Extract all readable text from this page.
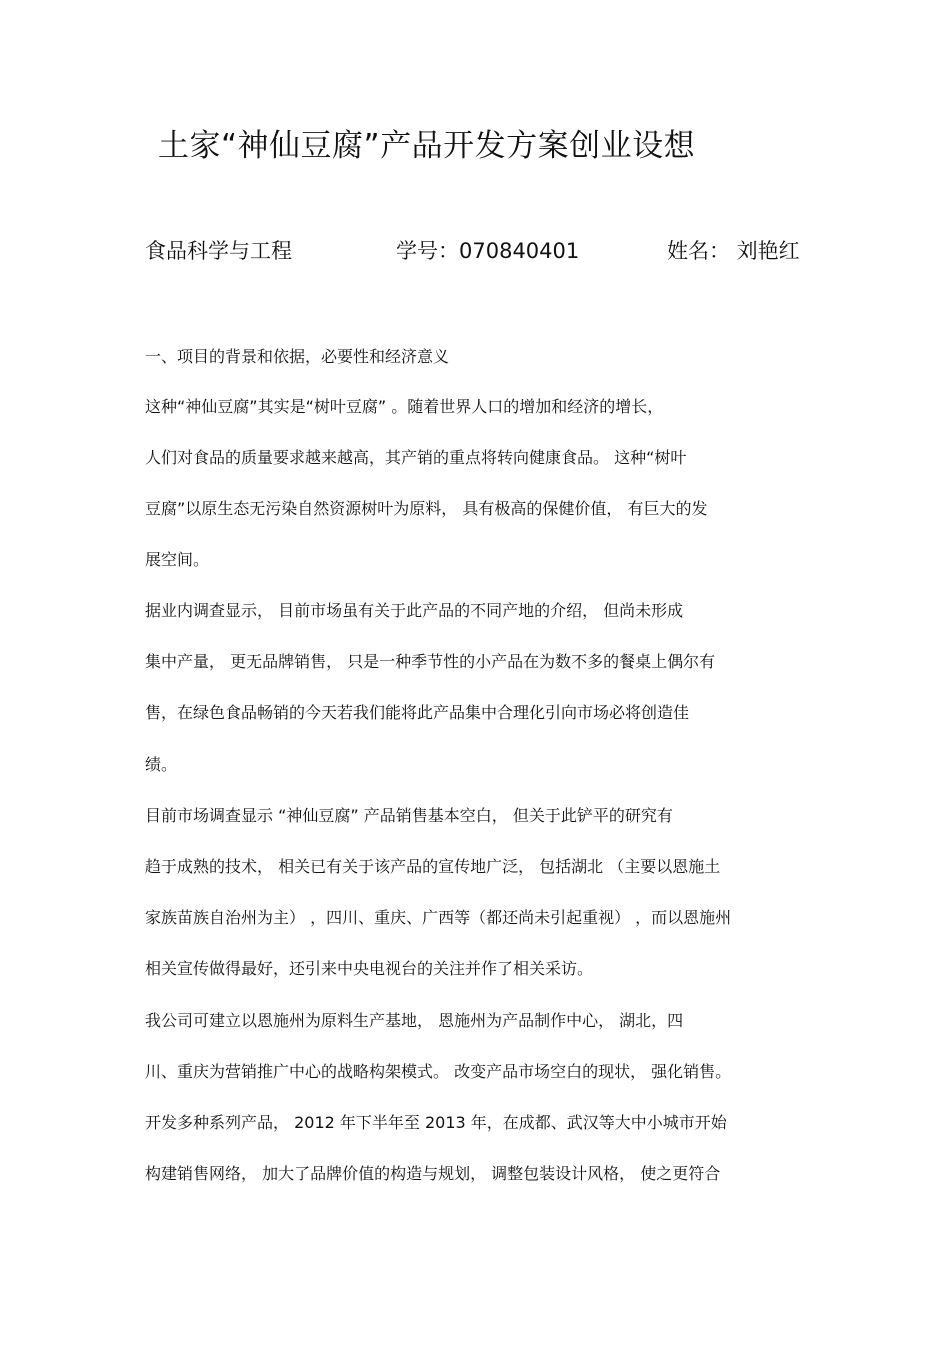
土家“神仙豆腐”产品开发方案创业设想
食品科学与工程	学号：070840401	姓名： 刘艳红
一、项目的背景和依据，必要性和经济意义
这种“神仙豆腐”其实是“树叶豆腐” 。随着世界人口的增加和经济的增长，
人们对食品的质量要求越来越高，其产销的重点将转向健康食品。 这种“树叶
豆腐”以原生态无污染自然资源树叶为原料， 具有极高的保健价值， 有巨大的发
展空间。
据业内调查显示， 目前市场虽有关于此产品的不同产地的介绍， 但尚未形成
集中产量， 更无品牌销售， 只是一种季节性的小产品在为数不多的餐桌上偶尔有
售，在绿色食品畅销的今天若我们能将此产品集中合理化引向市场必将创造佳
绩。
目前市场调查显示 “神仙豆腐” 产品销售基本空白， 但关于此铲平的研究有
趋于成熟的技术， 相关已有关于该产品的宣传地广泛， 包括湖北 （主要以恩施土
家族苗族自治州为主） ，四川、重庆、广西等（都还尚未引起重视） ，而以恩施州
相关宣传做得最好，还引来中央电视台的关注并作了相关采访。
我公司可建立以恩施州为原料生产基地， 恩施州为产品制作中心， 湖北，四
川、重庆为营销推广中心的战略构架模式。 改变产品市场空白的现状， 强化销售。
开发多种系列产品， 2012 年下半年至 2013 年，在成都、武汉等大中小城市开始
构建销售网络， 加大了品牌价值的构造与规划， 调整包装设计风格， 使之更符合
